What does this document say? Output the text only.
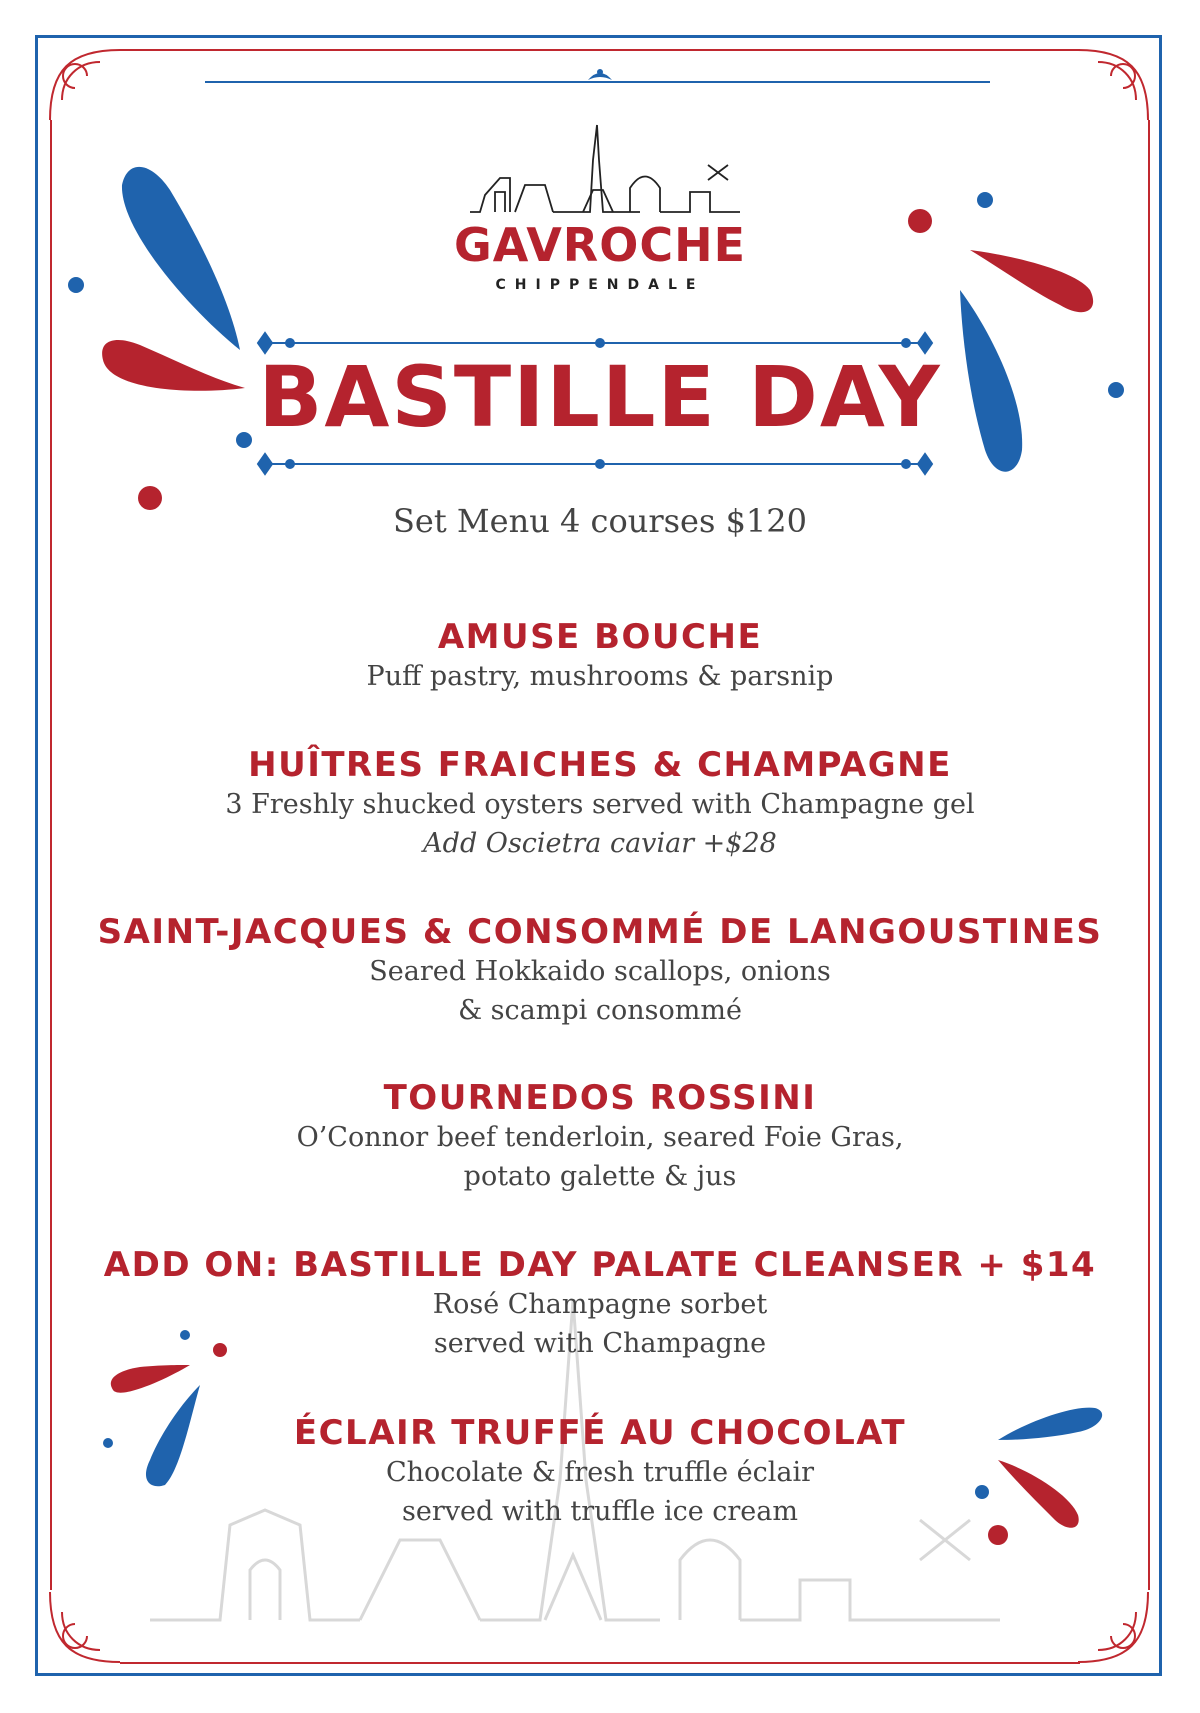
GAVROCHE
CHIPPENDALE
BASTILLE DAY
Set Menu 4 courses $120
AMUSE BOUCHE

Puff pastry, mushrooms & parsnip

HUÎTRES FRAICHES & CHAMPAGNE

3 Freshly shucked oysters served with Champagne gel

Add Oscietra caviar +$28

SAINT-JACQUES & CONSOMMÉ DE LANGOUSTINES

Seared Hokkaido scallops, onions

& scampi consommé

TOURNEDOS ROSSINI

O’Connor beef tenderloin, seared Foie Gras,

potato galette & jus

ADD ON: BASTILLE DAY PALATE CLEANSER + $14

Rosé Champagne sorbet

served with Champagne

ÉCLAIR TRUFFÉ AU CHOCOLAT

Chocolate & fresh truffle éclair

served with truffle ice cream
